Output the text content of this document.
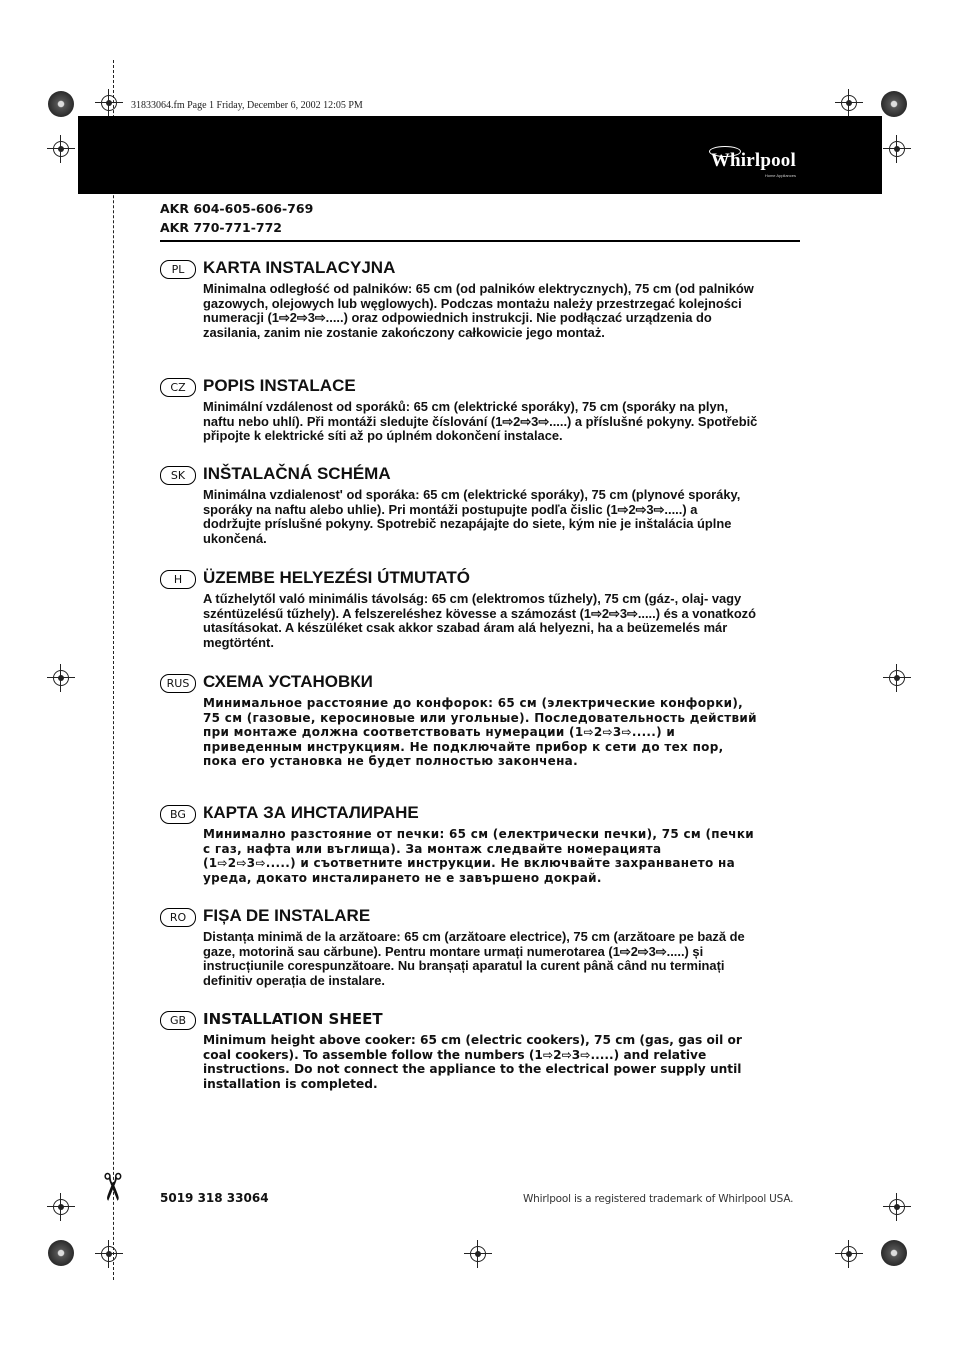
31833064.fm Page 1 Friday, December 6, 2002 12:05 PM
Whirlpool
Home Appliances
AKR 604-605-606-769
AKR 770-771-772
PL	KARTA INSTALACYJNA
Minimalna odległość od palników: 65 cm (od palników elektrycznych), 75 cm (od palników gazowych, olejowych lub węglowych). Podczas montażu należy przestrzegać kolejności numeracji (1⇨2⇨3⇨.....) oraz odpowiednich instrukcji. Nie podłączać urządzenia do zasilania, zanim nie zostanie zakończony całkowicie jego montaż.
CZ	POPIS INSTALACE
Minimální vzdálenost od sporáků: 65 cm (elektrické sporáky), 75 cm (sporáky na plyn, naftu nebo uhlí). Při montáži sledujte číslování (1⇨2⇨3⇨.....) a příslušné pokyny. Spotřebič připojte k elektrické síti až po úplném dokončení instalace.
SK	INŠTALAČNÁ SCHÉMA
Minimálna vzdialenost' od sporáka: 65 cm (elektrické sporáky), 75 cm (plynové sporáky, sporáky na naftu alebo uhlie). Pri montáži postupujte podľa čislic (1⇨2⇨3⇨.....) a dodržujte príslušné pokyny. Spotrebič nezapájajte do siete, kým nie je inštalácia úplne ukončená.
H	ÜZEMBE HELYEZÉSI ÚTMUTATÓ
A tűzhelytől való minimális távolság: 65 cm (elektromos tűzhely), 75 cm (gáz-, olaj- vagy széntüzelésű tűzhely). A felszereléshez kövesse a számozást (1⇨2⇨3⇨.....) és a vonatkozó utasításokat. A készüléket csak akkor szabad áram alá helyezni, ha a beüzemelés már megtörtént.
RUS СХЕМА УСТАНОВКИ
Минимальное расстояние до конфорок: 65 см (электрические конфорки), 75 см (газовые, керосиновые или угольные). Последовательность действий при монтаже должна соответствовать нумерации (1⇨2⇨3⇨.....) и приведенным инструкциям. Не подключайте прибор к сети до тех пор, пока его установка не будет полностью закончена.
BG	КАРТА ЗА ИНСТАЛИРАНЕ
Минимално разстояние от печки: 65 см (електрически печки), 75 см (печки с газ, нафта или въглища). За монтаж следвайте номерацията (1⇨2⇨3⇨.....) и съответните инструкции. Не включвайте захранването на уреда, докато инсталирането не е завършено докрай.
RO FIȘA DE INSTALARE
Distanța minimă de la arzătoare: 65 cm (arzătoare electrice), 75 cm (arzătoare pe bază de gaze, motorină sau cărbune). Pentru montare urmați numerotarea (1⇨2⇨3⇨.....) și instrucțiunile corespunzătoare. Nu branșați aparatul la curent până când nu terminați definitiv operația de instalare.
GB	INSTALLATION SHEET
Minimum height above cooker: 65 cm (electric cookers), 75 cm (gas, gas oil or coal cookers). To assemble follow the numbers (1⇨2⇨3⇨.....) and relative instructions. Do not connect the appliance to the electrical power supply until installation is completed.
✂ 5019 318 33064	Whirlpool is a registered trademark of Whirlpool USA.
